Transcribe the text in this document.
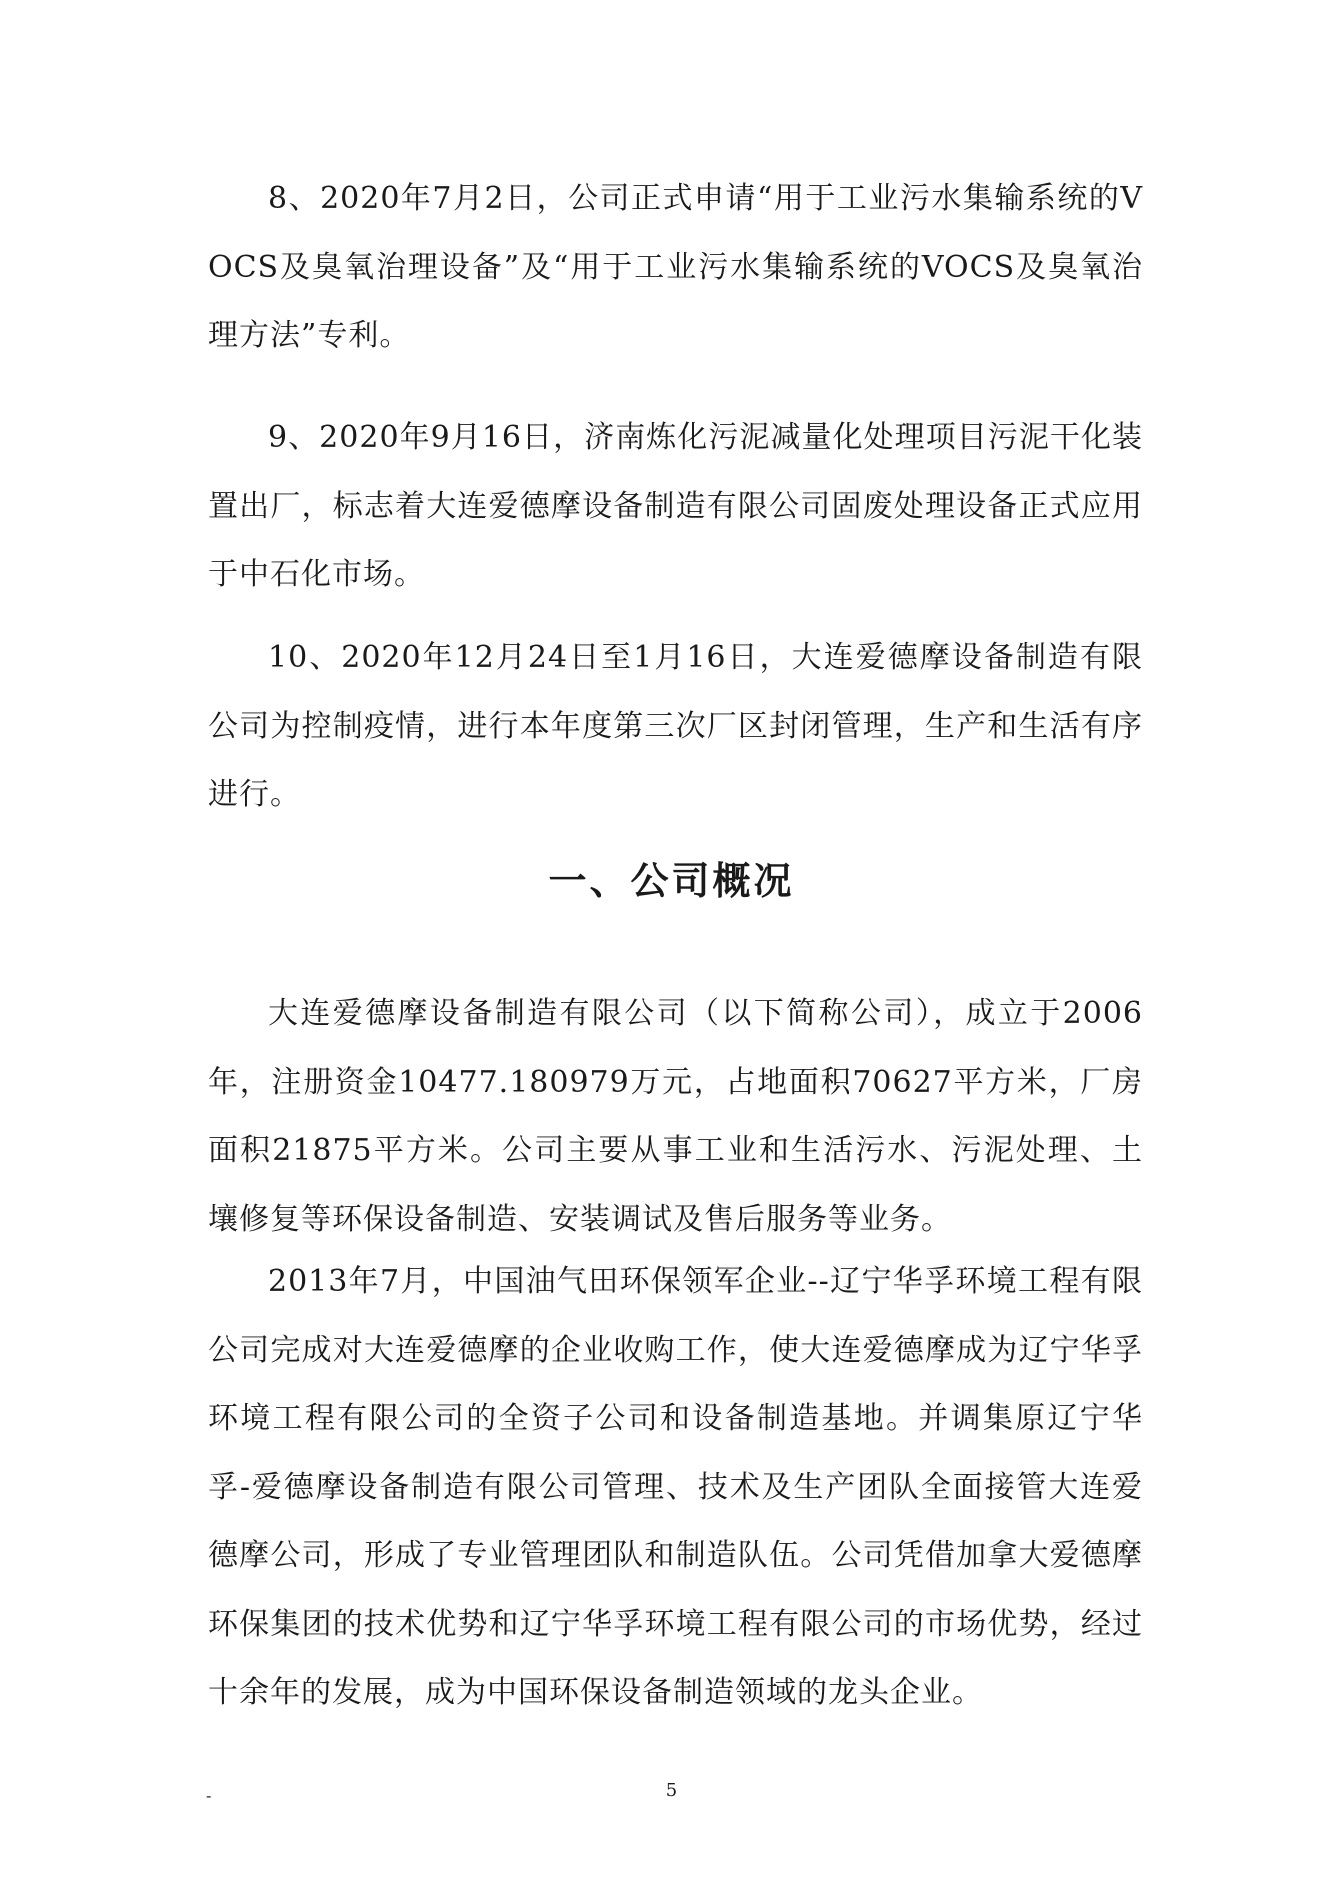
8、2020年7月2日，公司正式申请“用于工业污水集输系统的VOCS及臭氧治理设备”及“用于工业污水集输系统的VOCS及臭氧治理方法”专利。

9、2020年9月16日，济南炼化污泥减量化处理项目污泥干化装置出厂，标志着大连爱德摩设备制造有限公司固废处理设备正式应用于中石化市场。

10、2020年12月24日至1月16日，大连爱德摩设备制造有限公司为控制疫情，进行本年度第三次厂区封闭管理，生产和生活有序进行。

一、公司概况

大连爱德摩设备制造有限公司（以下简称公司），成立于2006年，注册资金10477.180979万元，占地面积70627平方米，厂房面积21875平方米。公司主要从事工业和生活污水、污泥处理、土壤修复等环保设备制造、安装调试及售后服务等业务。

2013年7月，中国油气田环保领军企业--辽宁华孚环境工程有限公司完成对大连爱德摩的企业收购工作，使大连爱德摩成为辽宁华孚环境工程有限公司的全资子公司和设备制造基地。并调集原辽宁华孚-爱德摩设备制造有限公司管理、技术及生产团队全面接管大连爱德摩公司，形成了专业管理团队和制造队伍。公司凭借加拿大爱德摩环保集团的技术优势和辽宁华孚环境工程有限公司的市场优势，经过十余年的发展，成为中国环保设备制造领域的龙头企业。

-	5
